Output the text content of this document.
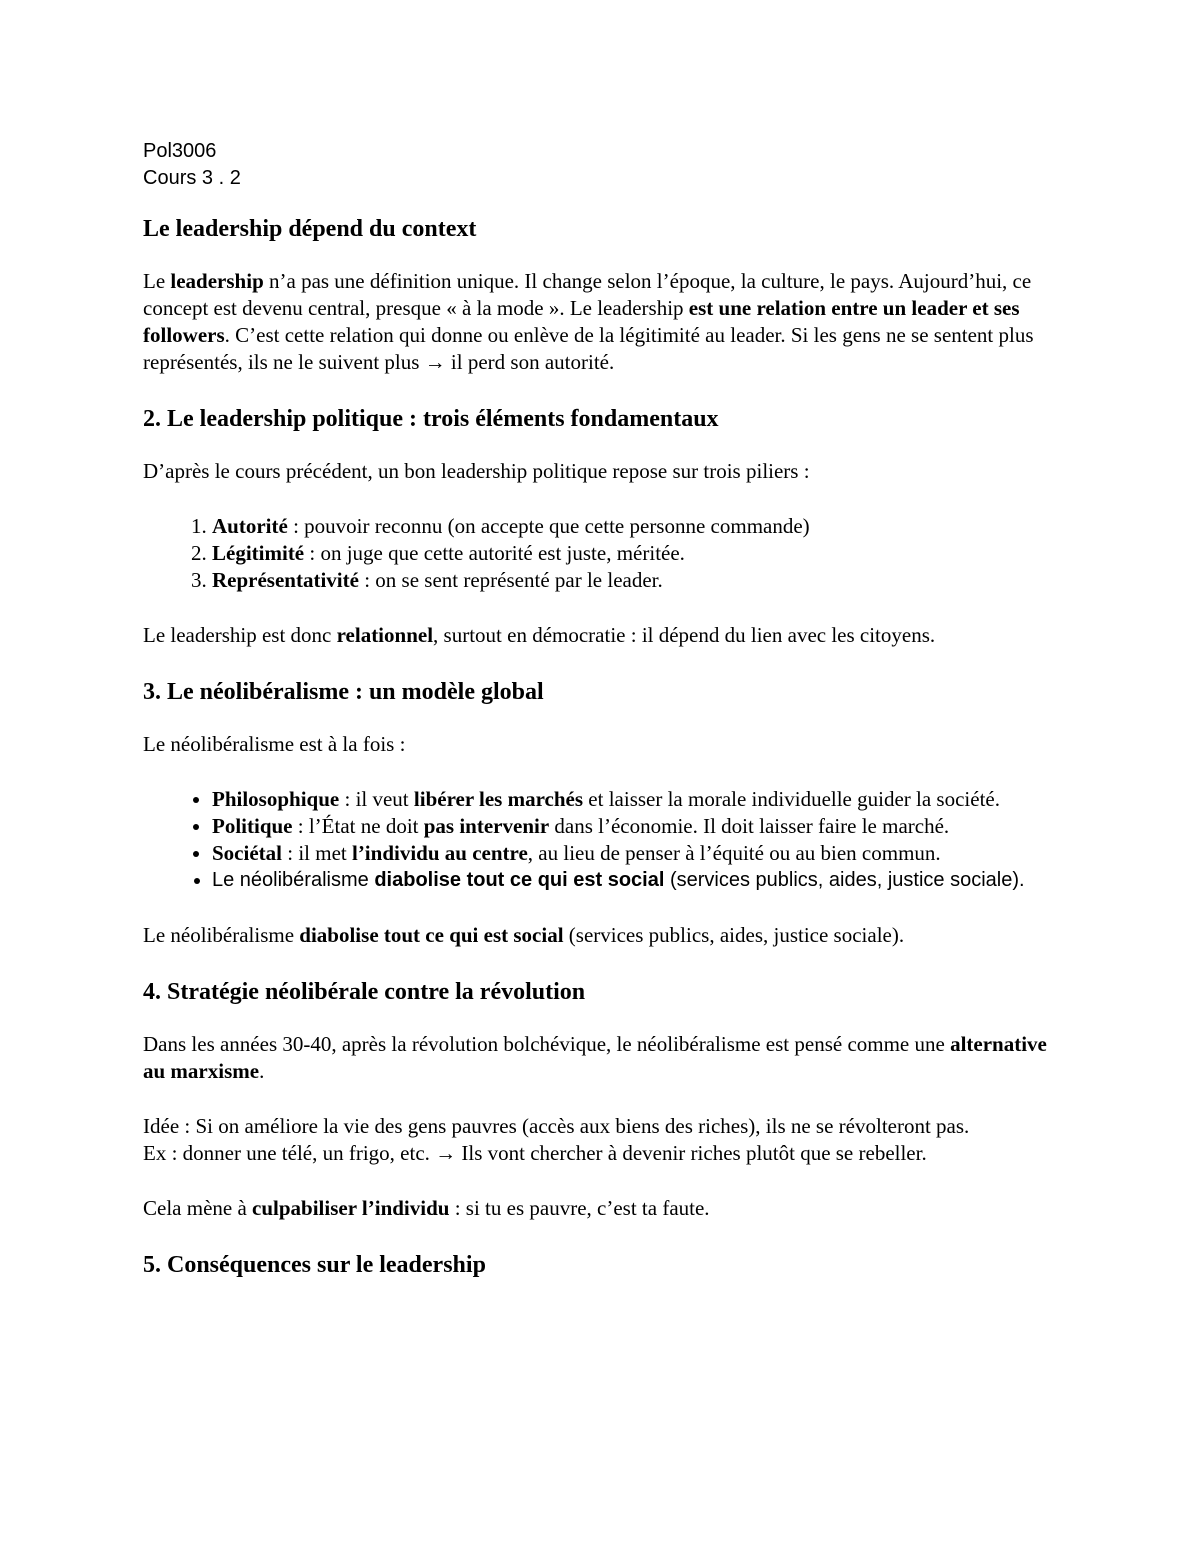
Pol3006
Cours 3 . 2
Le leadership dépend du context

Le leadership n’a pas une définition unique. Il change selon l’époque, la culture, le pays. Aujourd’hui, ce concept est devenu central, presque « à la mode ». Le leadership est une relation entre un leader et ses followers. C’est cette relation qui donne ou enlève de la légitimité au leader. Si les gens ne se sentent plus représentés, ils ne le suivent plus → il perd son autorité.

2. Le leadership politique : trois éléments fondamentaux

D’après le cours précédent, un bon leadership politique repose sur trois piliers :

1. Autorité : pouvoir reconnu (on accepte que cette personne commande)
2. Légitimité : on juge que cette autorité est juste, méritée.
3. Représentativité : on se sent représenté par le leader.

Le leadership est donc relationnel, surtout en démocratie : il dépend du lien avec les citoyens.

3. Le néolibéralisme : un modèle global

Le néolibéralisme est à la fois :

• Philosophique : il veut libérer les marchés et laisser la morale individuelle guider la société.
• Politique : l’État ne doit pas intervenir dans l’économie. Il doit laisser faire le marché.
• Sociétal : il met l’individu au centre, au lieu de penser à l’équité ou au bien commun.
• Le néolibéralisme diabolise tout ce qui est social (services publics, aides, justice sociale).

Le néolibéralisme diabolise tout ce qui est social (services publics, aides, justice sociale).

4. Stratégie néolibérale contre la révolution

Dans les années 30-40, après la révolution bolchévique, le néolibéralisme est pensé comme une alternative au marxisme.

Idée : Si on améliore la vie des gens pauvres (accès aux biens des riches), ils ne se révolteront pas.
Ex : donner une télé, un frigo, etc. → Ils vont chercher à devenir riches plutôt que se rebeller.

Cela mène à culpabiliser l’individu : si tu es pauvre, c’est ta faute.

5. Conséquences sur le leadership
